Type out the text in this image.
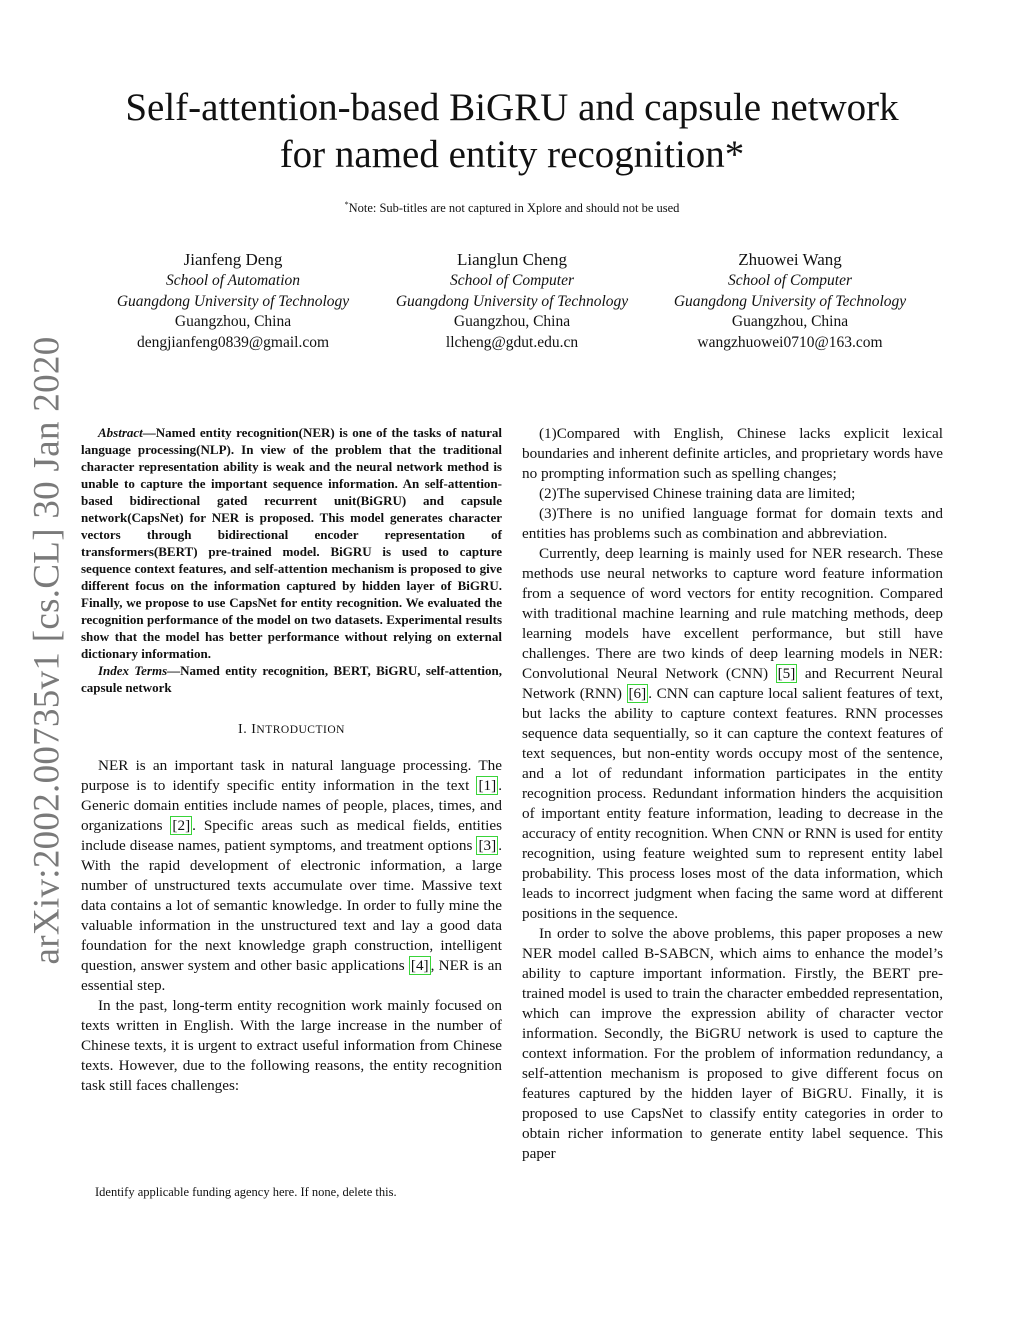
arXiv:2002.00735v1 [cs.CL] 30 Jan 2020
Self-attention-based BiGRU and capsule network
for named entity recognition*
*Note: Sub-titles are not captured in Xplore and should not be used
Jianfeng Deng
School of Automation
Guangdong University of Technology
Guangzhou, China
dengjianfeng0839@gmail.com
Lianglun Cheng
School of Computer
Guangdong University of Technology
Guangzhou, China
llcheng@gdut.edu.cn
Zhuowei Wang
School of Computer
Guangdong University of Technology
Guangzhou, China
wangzhuowei0710@163.com

Abstract—Named entity recognition(NER) is one of the tasks of natural language processing(NLP). In view of the problem that the traditional character representation ability is weak and the neural network method is unable to capture the important sequence information. An self-attention-based bidirectional gated recurrent unit(BiGRU) and capsule network(CapsNet) for NER is proposed. This model generates character vectors through bidirectional encoder representation of transformers(BERT) pre-trained model. BiGRU is used to capture sequence context features, and self-attention mechanism is proposed to give different focus on the information captured by hidden layer of BiGRU. Finally, we propose to use CapsNet for entity recognition. We evaluated the recognition performance of the model on two datasets. Experimental results show that the model has better performance without relying on external dictionary information.

Index Terms—Named entity recognition, BERT, BiGRU, self-attention, capsule network

I. INTRODUCTION

NER is an important task in natural language processing. The purpose is to identify specific entity information in the text [1] . Generic domain entities include names of people, places, times, and organizations [2] . Specific areas such as medical fields, entities include disease names, patient symptoms, and treatment options [3] . With the rapid development of electronic information, a large number of unstructured texts accumulate over time. Massive text data contains a lot of semantic knowledge. In order to fully mine the valuable information in the unstructured text and lay a good data foundation for the next knowledge graph construction, intelligent question, answer system and other basic applications [4] , NER is an essential step.

In the past, long-term entity recognition work mainly focused on texts written in English. With the large increase in the number of Chinese texts, it is urgent to extract useful information from Chinese texts. However, due to the following reasons, the entity recognition task still faces challenges:

Identify applicable funding agency here. If none, delete this.

(1)Compared with English, Chinese lacks explicit lexical boundaries and inherent definite articles, and proprietary words have no prompting information such as spelling changes;

(2)The supervised Chinese training data are limited;

(3)There is no unified language format for domain texts and entities has problems such as combination and abbreviation.

Currently, deep learning is mainly used for NER research. These methods use neural networks to capture word feature information from a sequence of word vectors for entity recognition. Compared with traditional machine learning and rule matching methods, deep learning models have excellent performance, but still have challenges. There are two kinds of deep learning models in NER: Convolutional Neural Network (CNN) [5] and Recurrent Neural Network (RNN) [6] . CNN can capture local salient features of text, but lacks the ability to capture context features. RNN processes sequence data sequentially, so it can capture the context features of text sequences, but non-entity words occupy most of the sentence, and a lot of redundant information participates in the entity recognition process. Redundant information hinders the acquisition of important entity feature information, leading to decrease in the accuracy of entity recognition. When CNN or RNN is used for entity recognition, using feature weighted sum to represent entity label probability. This process loses most of the data information, which leads to incorrect judgment when facing the same word at different positions in the sequence.

In order to solve the above problems, this paper proposes a new NER model called B-SABCN, which aims to enhance the model’s ability to capture important information. Firstly, the BERT pre-trained model is used to train the character embedded representation, which can improve the expression ability of character vector information. Secondly, the BiGRU network is used to capture the context information. For the problem of information redundancy, a self-attention mechanism is proposed to give different focus on features captured by the hidden layer of BiGRU. Finally, it is proposed to use CapsNet to classify entity categories in order to obtain richer information to generate entity label sequence. This paper
